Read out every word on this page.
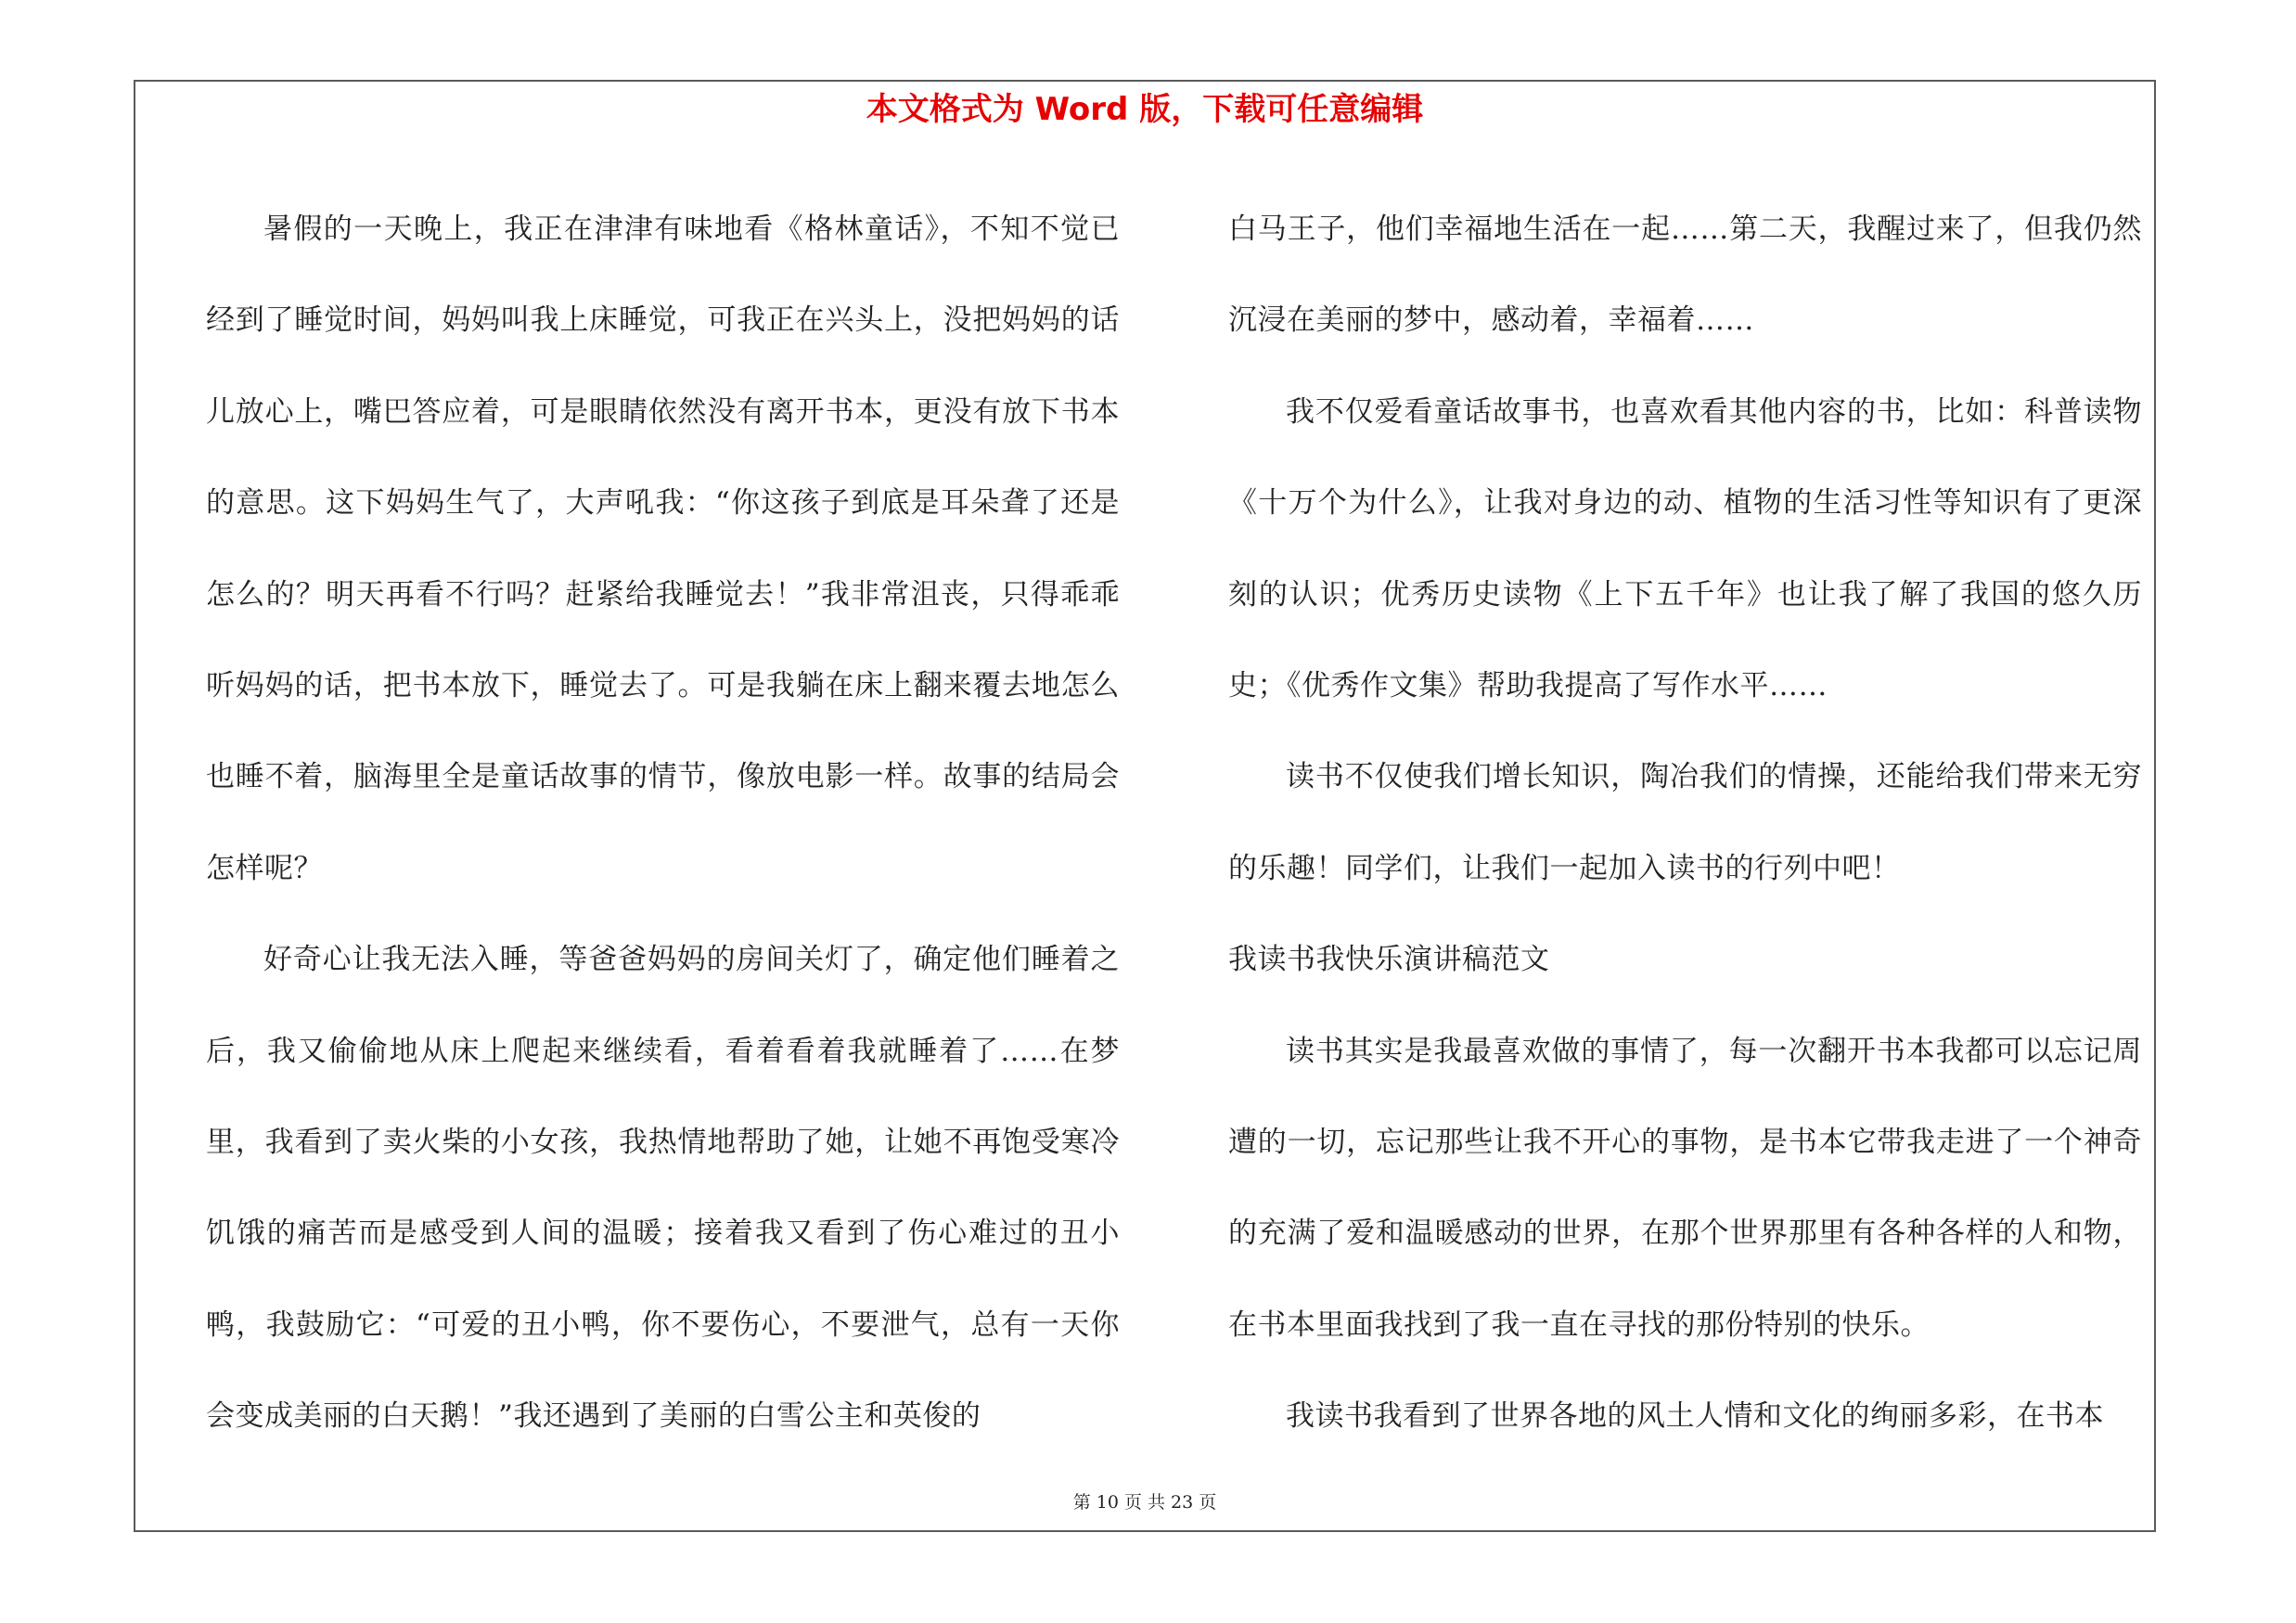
本文格式为 Word 版，下载可任意编辑

暑假的一天晚上，我正在津津有味地看《格林童话》，不知不觉已经到了睡觉时间，妈妈叫我上床睡觉，可我正在兴头上，没把妈妈的话儿放心上，嘴巴答应着，可是眼睛依然没有离开书本，更没有放下书本的意思。这下妈妈生气了，大声吼我：“你这孩子到底是耳朵聋了还是怎么的？明天再看不行吗？赶紧给我睡觉去！”我非常沮丧，只得乖乖听妈妈的话，把书本放下，睡觉去了。可是我躺在床上翻来覆去地怎么也睡不着，脑海里全是童话故事的情节，像放电影一样。故事的结局会怎样呢？

好奇心让我无法入睡，等爸爸妈妈的房间关灯了，确定他们睡着之后，我又偷偷地从床上爬起来继续看，看着看着我就睡着了……在梦里，我看到了卖火柴的小女孩，我热情地帮助了她，让她不再饱受寒冷饥饿的痛苦而是感受到人间的温暖；接着我又看到了伤心难过的丑小鸭，我鼓励它：“可爱的丑小鸭，你不要伤心，不要泄气，总有一天你会变成美丽的白天鹅！”我还遇到了美丽的白雪公主和英俊的

白马王子，他们幸福地生活在一起……第二天，我醒过来了，但我仍然沉浸在美丽的梦中，感动着，幸福着……

我不仅爱看童话故事书，也喜欢看其他内容的书，比如：科普读物《十万个为什么》，让我对身边的动、植物的生活习性等知识有了更深刻的认识；优秀历史读物《上下五千年》也让我了解了我国的悠久历史；《优秀作文集》帮助我提高了写作水平……

读书不仅使我们增长知识，陶冶我们的情操，还能给我们带来无穷的乐趣！同学们，让我们一起加入读书的行列中吧！

我读书我快乐演讲稿范文

读书其实是我最喜欢做的事情了，每一次翻开书本我都可以忘记周遭的一切，忘记那些让我不开心的事物，是书本它带我走进了一个神奇的充满了爱和温暖感动的世界，在那个世界那里有各种各样的人和物，在书本里面我找到了我一直在寻找的那份特别的快乐。

我读书我看到了世界各地的风土人情和文化的绚丽多彩，在书本

第 10 页 共 23 页
